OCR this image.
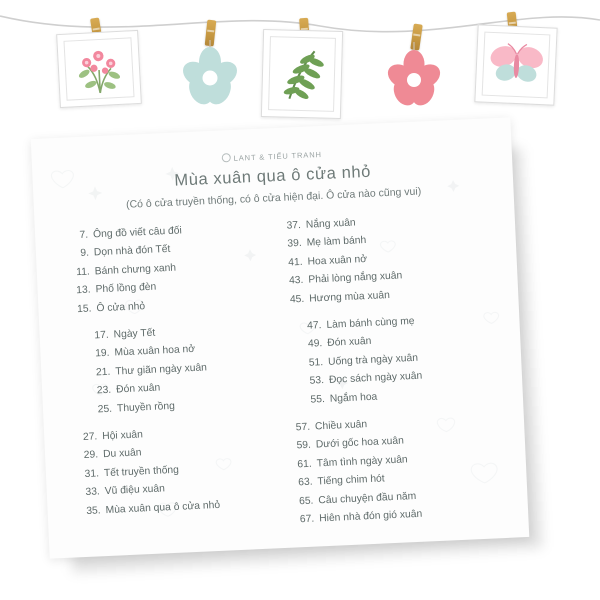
LANT & TIỂU TRANH
Mùa xuân qua ô cửa nhỏ
(Có ô cửa truyền thống, có ô cửa hiện đại. Ô cửa nào cũng vui)
7. Ông đồ viết câu đối
9. Dọn nhà đón Tết
11. Bánh chưng xanh
13. Phố lồng đèn
15. Ô cửa nhỏ
17. Ngày Tết
19. Mùa xuân hoa nở
21. Thư giãn ngày xuân
23. Đón xuân
25. Thuyền rồng
27. Hội xuân
29. Du xuân
31. Tết truyền thống
33. Vũ điệu xuân
35. Mùa xuân qua ô cửa nhỏ
37. Nắng xuân
39. Mẹ làm bánh
41. Hoa xuân nở
43. Phải lòng nắng xuân
45. Hương mùa xuân
47. Làm bánh cùng mẹ
49. Đón xuân
51. Uống trà ngày xuân
53. Đọc sách ngày xuân
55. Ngắm hoa
57. Chiều xuân
59. Dưới gốc hoa xuân
61. Tâm tình ngày xuân
63. Tiếng chim hót
65. Câu chuyện đầu năm
67. Hiên nhà đón gió xuân
